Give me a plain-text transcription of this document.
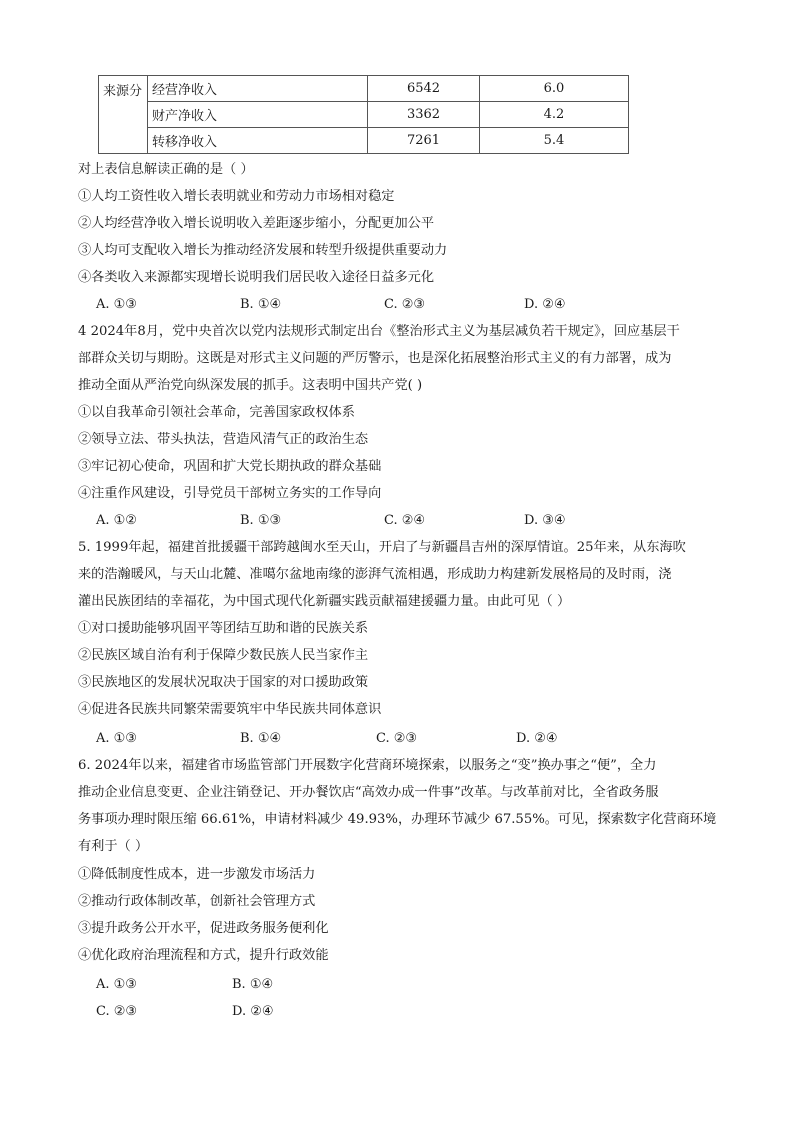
来源分	经营净收入	6542	6.0
	财产净收入	3362	4.2
	转移净收入	7261	5.4
对上表信息解读正确的是（ ）
①人均工资性收入增长表明就业和劳动力市场相对稳定
②人均经营净收入增长说明收入差距逐步缩小，分配更加公平
③人均可支配收入增长为推动经济发展和转型升级提供重要动力
④各类收入来源都实现增长说明我们居民收入途径日益多元化
A. ①③	B. ①④	C. ②③	D. ②④
4 2024年8月，党中央首次以党内法规形式制定出台《整治形式主义为基层减负若干规定》，回应基层干
部群众关切与期盼。这既是对形式主义问题的严厉警示，也是深化拓展整治形式主义的有力部署，成为
推动全面从严治党向纵深发展的抓手。这表明中国共产党( )
①以自我革命引领社会革命，完善国家政权体系
②领导立法、带头执法，营造风清气正的政治生态
③牢记初心使命，巩固和扩大党长期执政的群众基础
④注重作风建设，引导党员干部树立务实的工作导向
A. ①②	B. ①③	C. ②④	D. ③④
5. 1999年起，福建首批援疆干部跨越闽水至天山，开启了与新疆昌吉州的深厚情谊。25年来，从东海吹
来的浩瀚暖风，与天山北麓、准噶尔盆地南缘的澎湃气流相遇，形成助力构建新发展格局的及时雨，浇
灌出民族团结的幸福花，为中国式现代化新疆实践贡献福建援疆力量。由此可见（ ）
①对口援助能够巩固平等团结互助和谐的民族关系
②民族区域自治有利于保障少数民族人民当家作主
③民族地区的发展状况取决于国家的对口援助政策
④促进各民族共同繁荣需要筑牢中华民族共同体意识
A. ①③	B. ①④	C. ②③	D. ②④
6. 2024年以来，福建省市场监管部门开展数字化营商环境探索，以服务之“变”换办事之“便”，全力
推动企业信息变更、企业注销登记、开办餐饮店“高效办成一件事”改革。与改革前对比，全省政务服
务事项办理时限压缩 66.61%，申请材料减少 49.93%，办理环节减少 67.55%。可见，探索数字化营商环境
有利于（ ）
①降低制度性成本，进一步激发市场活力
②推动行政体制改革，创新社会管理方式
③提升政务公开水平，促进政务服务便利化
④优化政府治理流程和方式，提升行政效能
A. ①③	B. ①④
C. ②③	D. ②④
